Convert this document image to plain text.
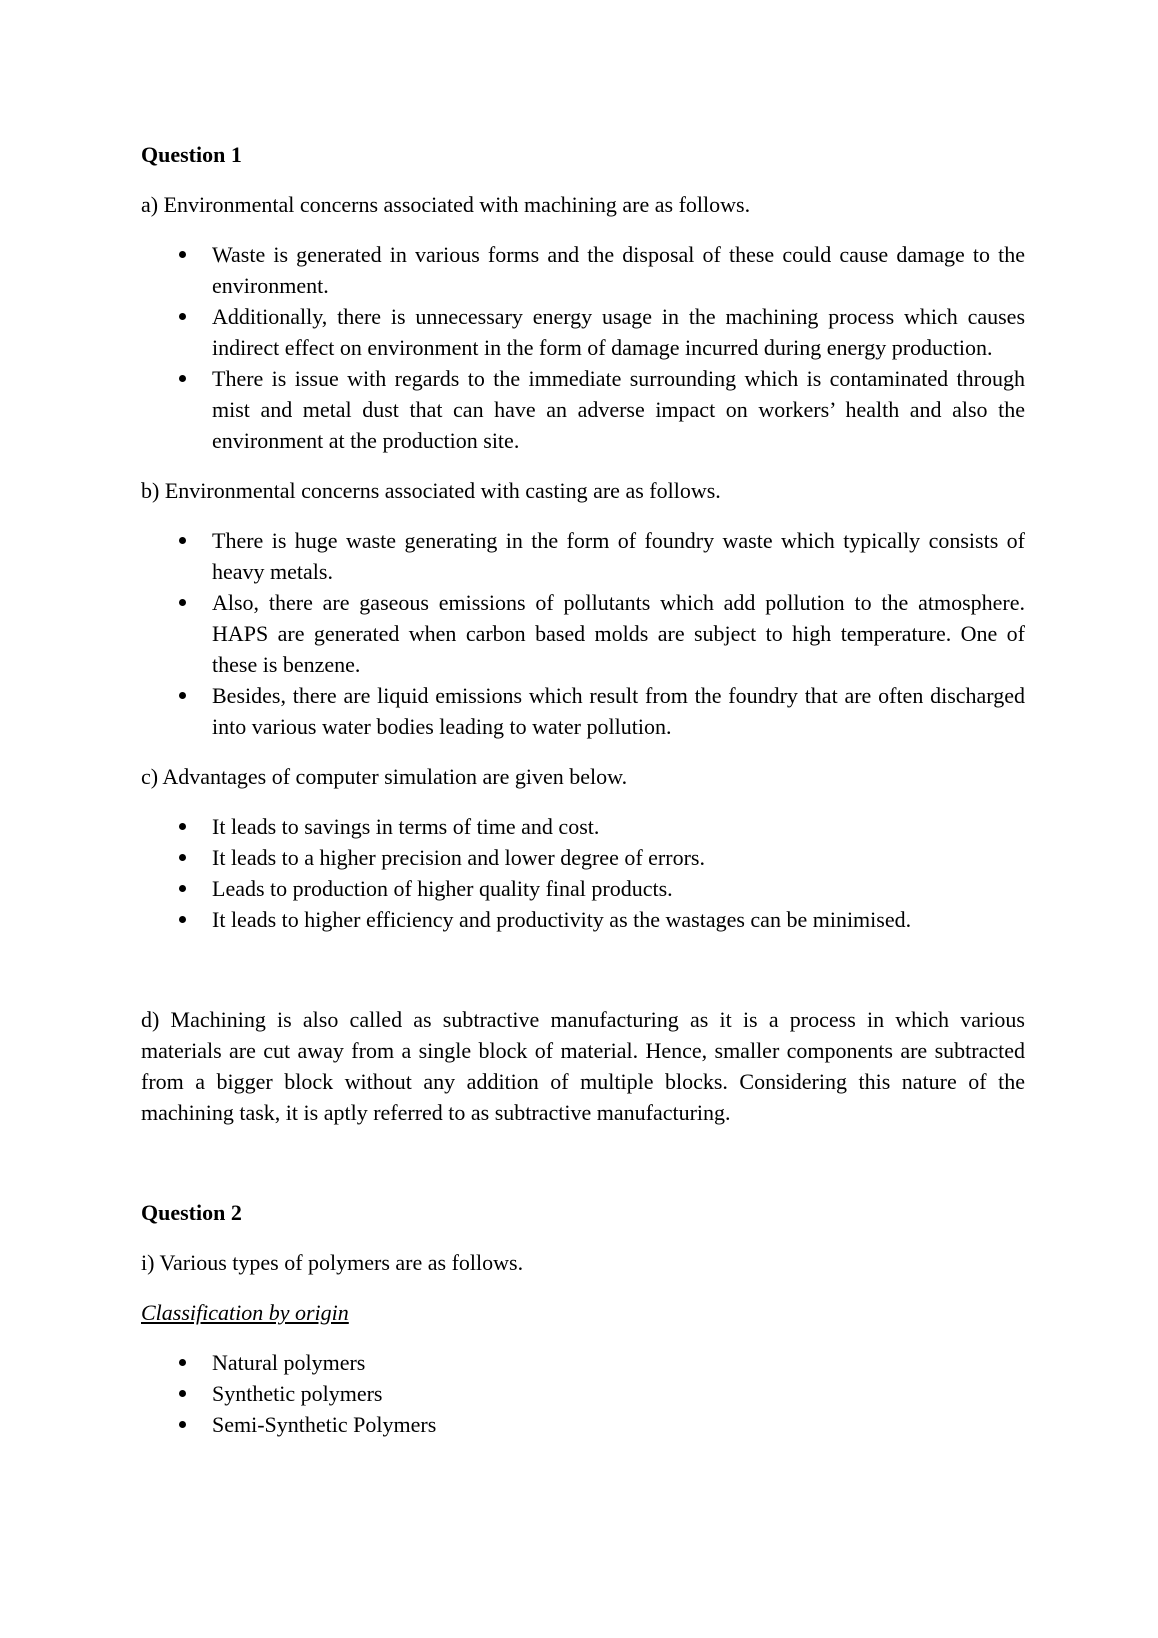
Question 1
a) Environmental concerns associated with machining are as follows.
Waste is generated in various forms and the disposal of these could cause damage to the environment.
Additionally, there is unnecessary energy usage in the machining process which causes indirect effect on environment in the form of damage incurred during energy production.
There is issue with regards to the immediate surrounding which is contaminated through mist and metal dust that can have an adverse impact on workers’ health and also the environment at the production site.
b) Environmental concerns associated with casting are as follows.
There is huge waste generating in the form of foundry waste which typically consists of heavy metals.
Also, there are gaseous emissions of pollutants which add pollution to the atmosphere. HAPS are generated when carbon based molds are subject to high temperature. One of these is benzene.
Besides, there are liquid emissions which result from the foundry that are often discharged into various water bodies leading to water pollution.
c) Advantages of computer simulation are given below.
It leads to savings in terms of time and cost.
It leads to a higher precision and lower degree of errors.
Leads to production of higher quality final products.
It leads to higher efficiency and productivity as the wastages can be minimised.
d) Machining is also called as subtractive manufacturing as it is a process in which various materials are cut away from a single block of material. Hence, smaller components are subtracted from a bigger block without any addition of multiple blocks. Considering this nature of the machining task, it is aptly referred to as subtractive manufacturing.
Question 2
i) Various types of polymers are as follows.
Classification by origin
Natural polymers
Synthetic polymers
Semi-Synthetic Polymers
